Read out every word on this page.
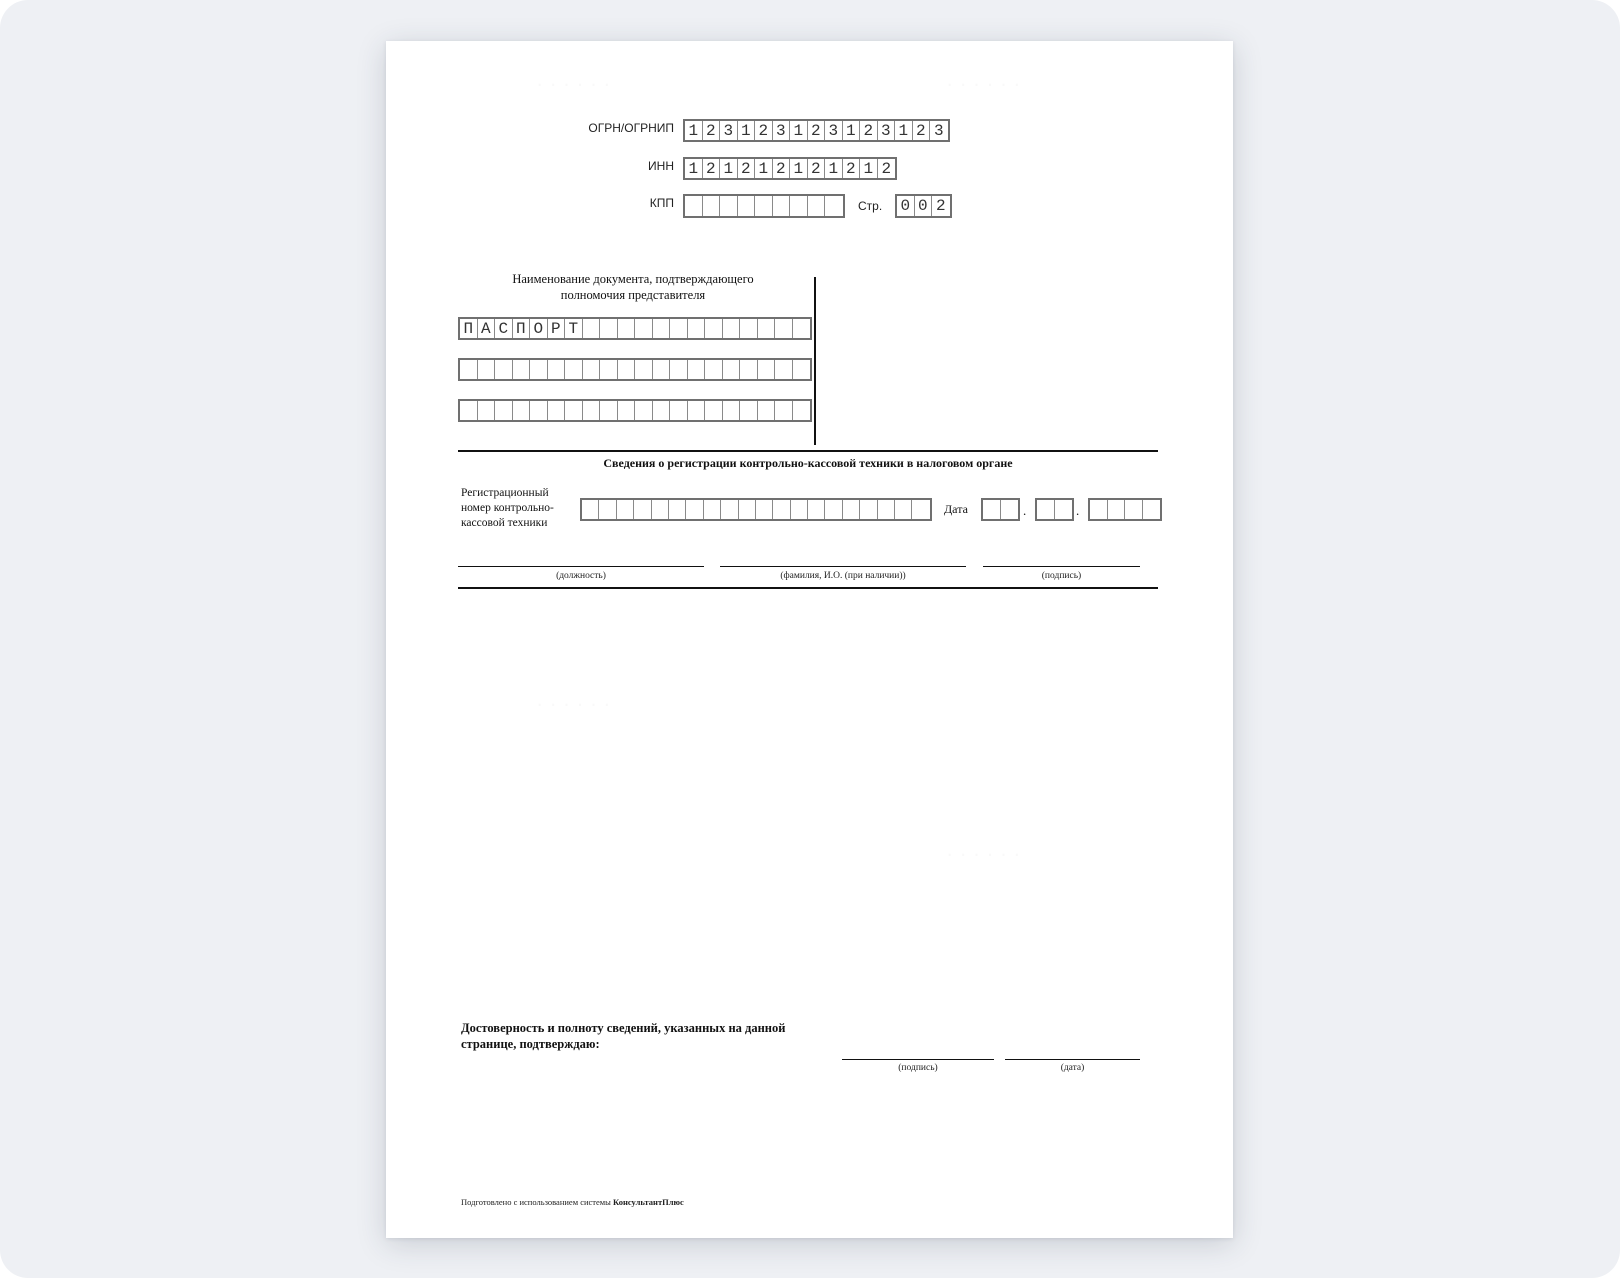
ОГРН/ОГРНИП 1 2 3 1 2 3 1 2 3 1 2 3 1 2 3
ИНН 1 2 1 2 1 2 1 2 1 2 1 2
КПП	Стр. 0 0 2
Наименование документа, подтверждающего
полномочия представителя
П А С П О Р Т
Сведения о регистрации контрольно-кассовой техники в налоговом органе
Регистрационный
номер контрольно-
кассовой техники
Дата	.	.
(должность)	(фамилия, И.О. (при наличии))	(подпись)
Достоверность и полноту сведений, указанных на данной
странице, подтверждаю:
(подпись)	(дата)
Подготовлено с использованием системы КонсультантПлюс
